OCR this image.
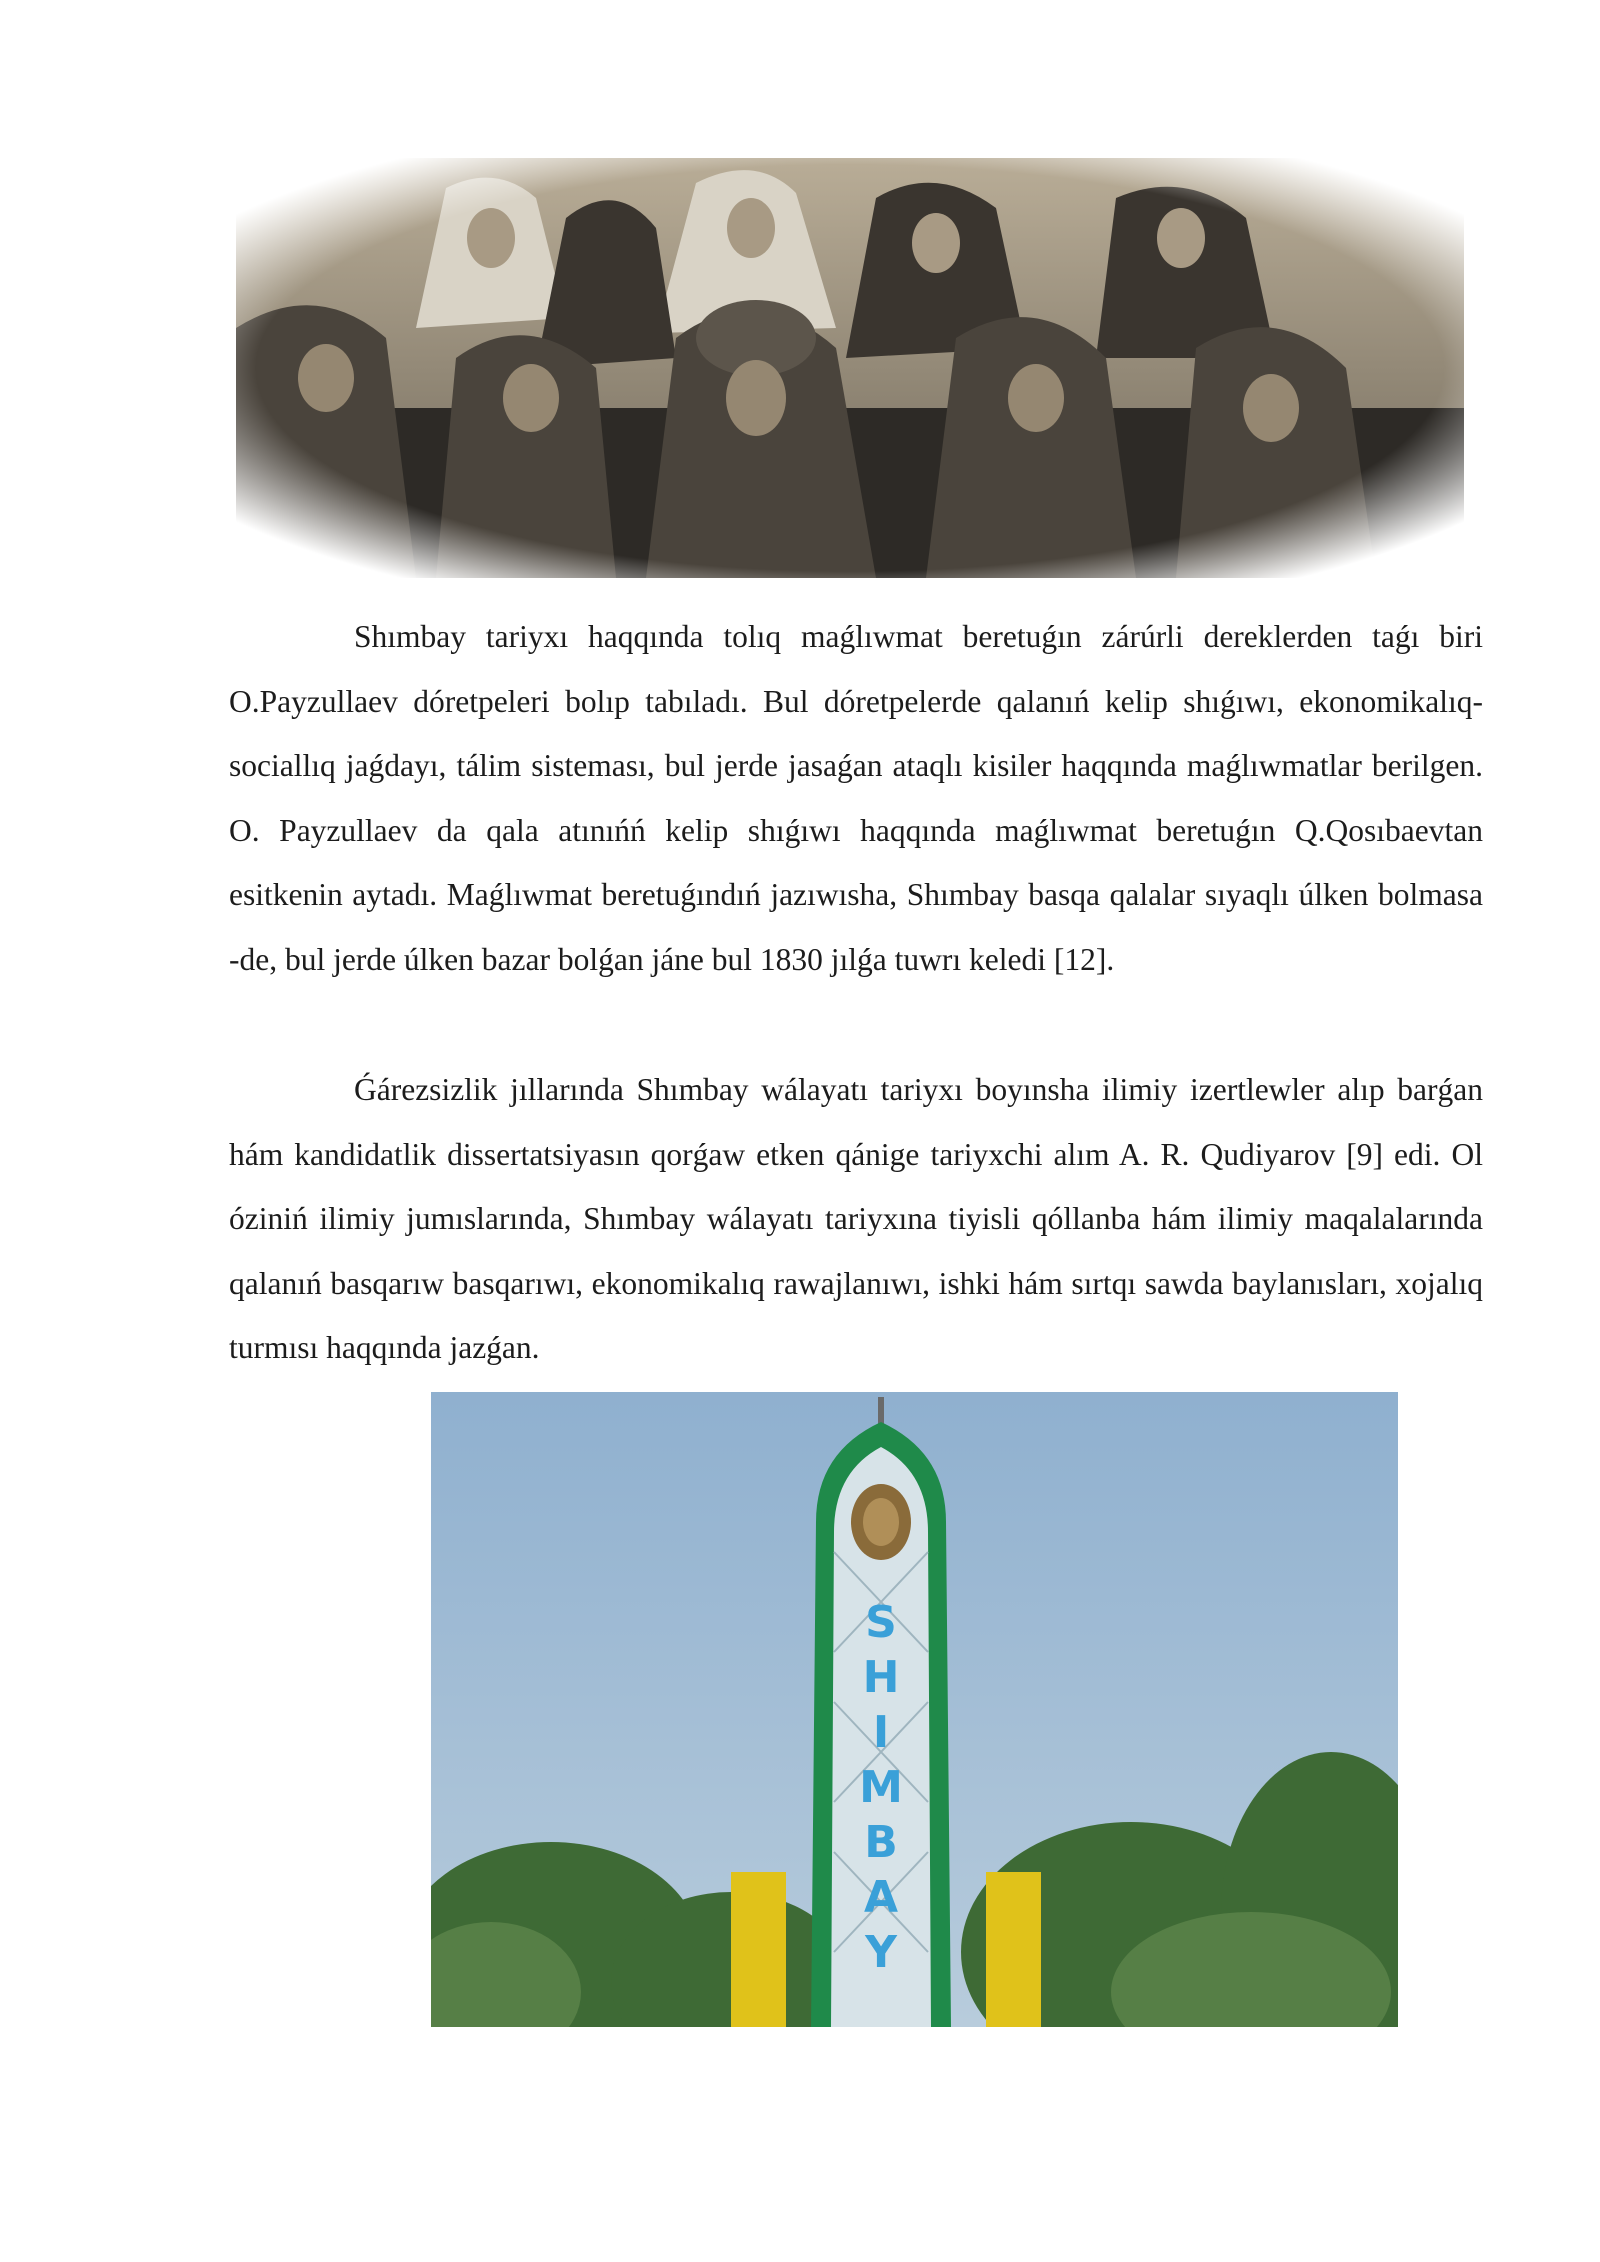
Shımbay tariyxı haqqında tolıq maǵlıwmat beretuǵın zárúrli dereklerden taǵı biri O.Payzullaev dóretpeleri bolıp tabıladı. Bul dóretpelerde qalanıń kelip shıǵıwı, ekonomikalıq-sociallıq jaǵdayı, tálim sisteması, bul jerde jasaǵan ataqlı kisiler haqqında maǵlıwmatlar berilgen. O. Payzullaev da qala atınıńń kelip shıǵıwı haqqında maǵlıwmat beretuǵın Q.Qosıbaevtan esitkenin aytadı. Maǵlıwmat beretuǵındıń jazıwısha, Shımbay basqa qalalar sıyaqlı úlken bolmasa -de, bul jerde úlken bazar bolǵan jáne bul 1830 jılǵa tuwrı keledi [12].

Ǵárezsizlik jıllarında Shımbay wálayatı tariyxı boyınsha ilimiy izertlewler alıp barǵan hám kandidatlik dissertatsiyasın qorǵaw etken qánige tariyxchi alım A. R. Qudiyarov [9] edi. Ol óziniń ilimiy jumıslarında, Shımbay wálayatı tariyxına tiyisli qóllanba hám ilimiy maqalalarında qalanıń basqarıw basqarıwı, ekonomikalıq rawajlanıwı, ishki hám sırtqı sawda baylanısları, xojalıq turmısı haqqında jazǵan.

S
H
I
M
B
A
Y
